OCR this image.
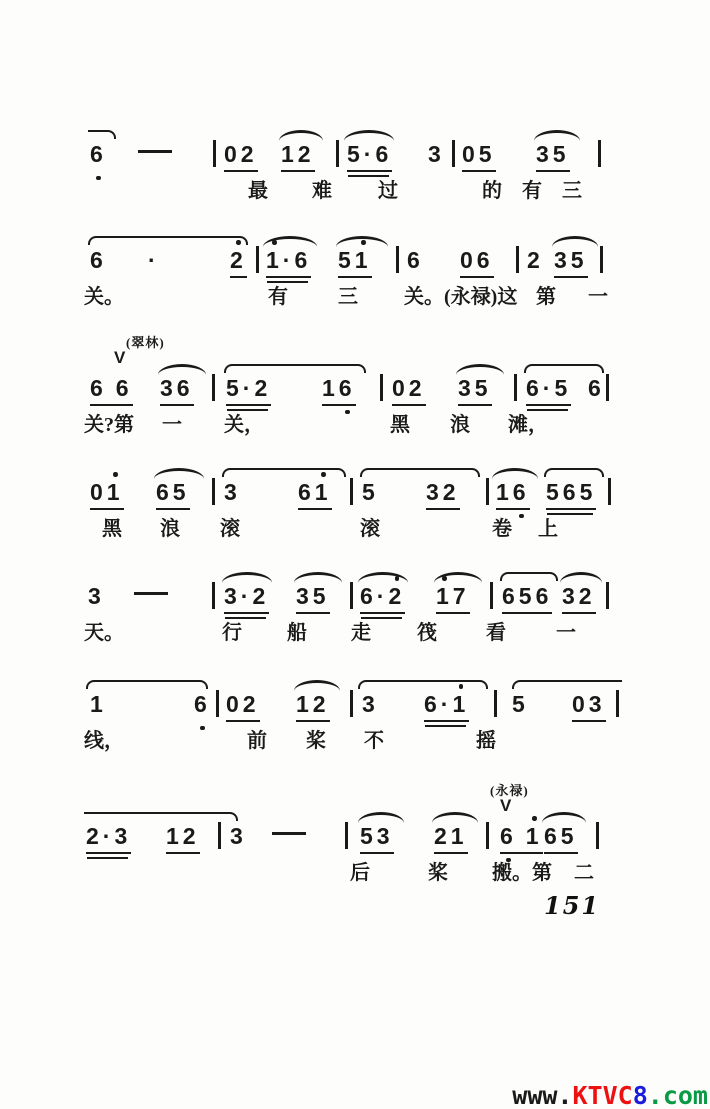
6	02 12 5·6 3 05 35
最 难 过	的 有 三
6 ·	2 1·6 51 6 06 2 35
关。	有	三 关。(永禄)这 第 一
(翠林)
V
6 6 36 5·2 16 02 35 6·5 6
关?第 一 关，	黑 浪 滩，
01 65 3 61 5 32 16 565
黑 浪 滚	滚	卷 上
3	3·2 35 6·2 17 656 32
天。	行 船 走 筏 看	一
1	6 02 12 3 6·1 5 03
线，	前 桨 不	摇
(永禄)
V
2·3 12 3	53 21 6 1 65
后	桨 搬。第 二
151
www.KTVC8.com
